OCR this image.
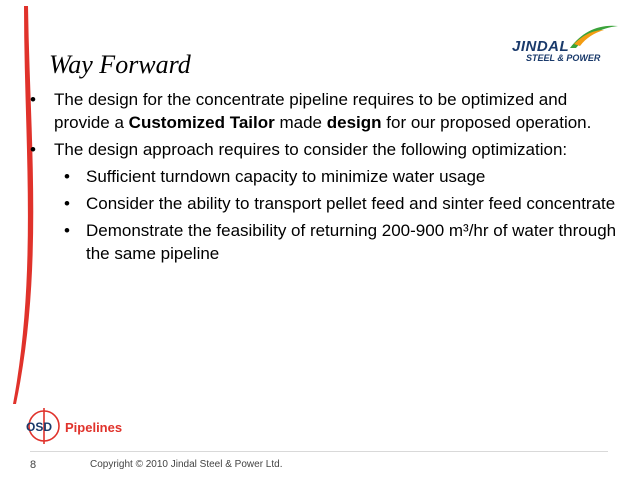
Way Forward
JINDAL
STEEL & POWER
• The design for the concentrate pipeline requires to be optimized and provide a Customized Tailor made design for our proposed operation.
• The design approach requires to consider the following optimization:
• Sufficient turndown capacity to minimize water usage
• Consider the ability to transport pellet feed and sinter feed concentrate
• Demonstrate the feasibility of returning 200-900 m³/hr of water through the same pipeline
OSD Pipelines
8	Copyright © 2010 Jindal Steel & Power Ltd.
